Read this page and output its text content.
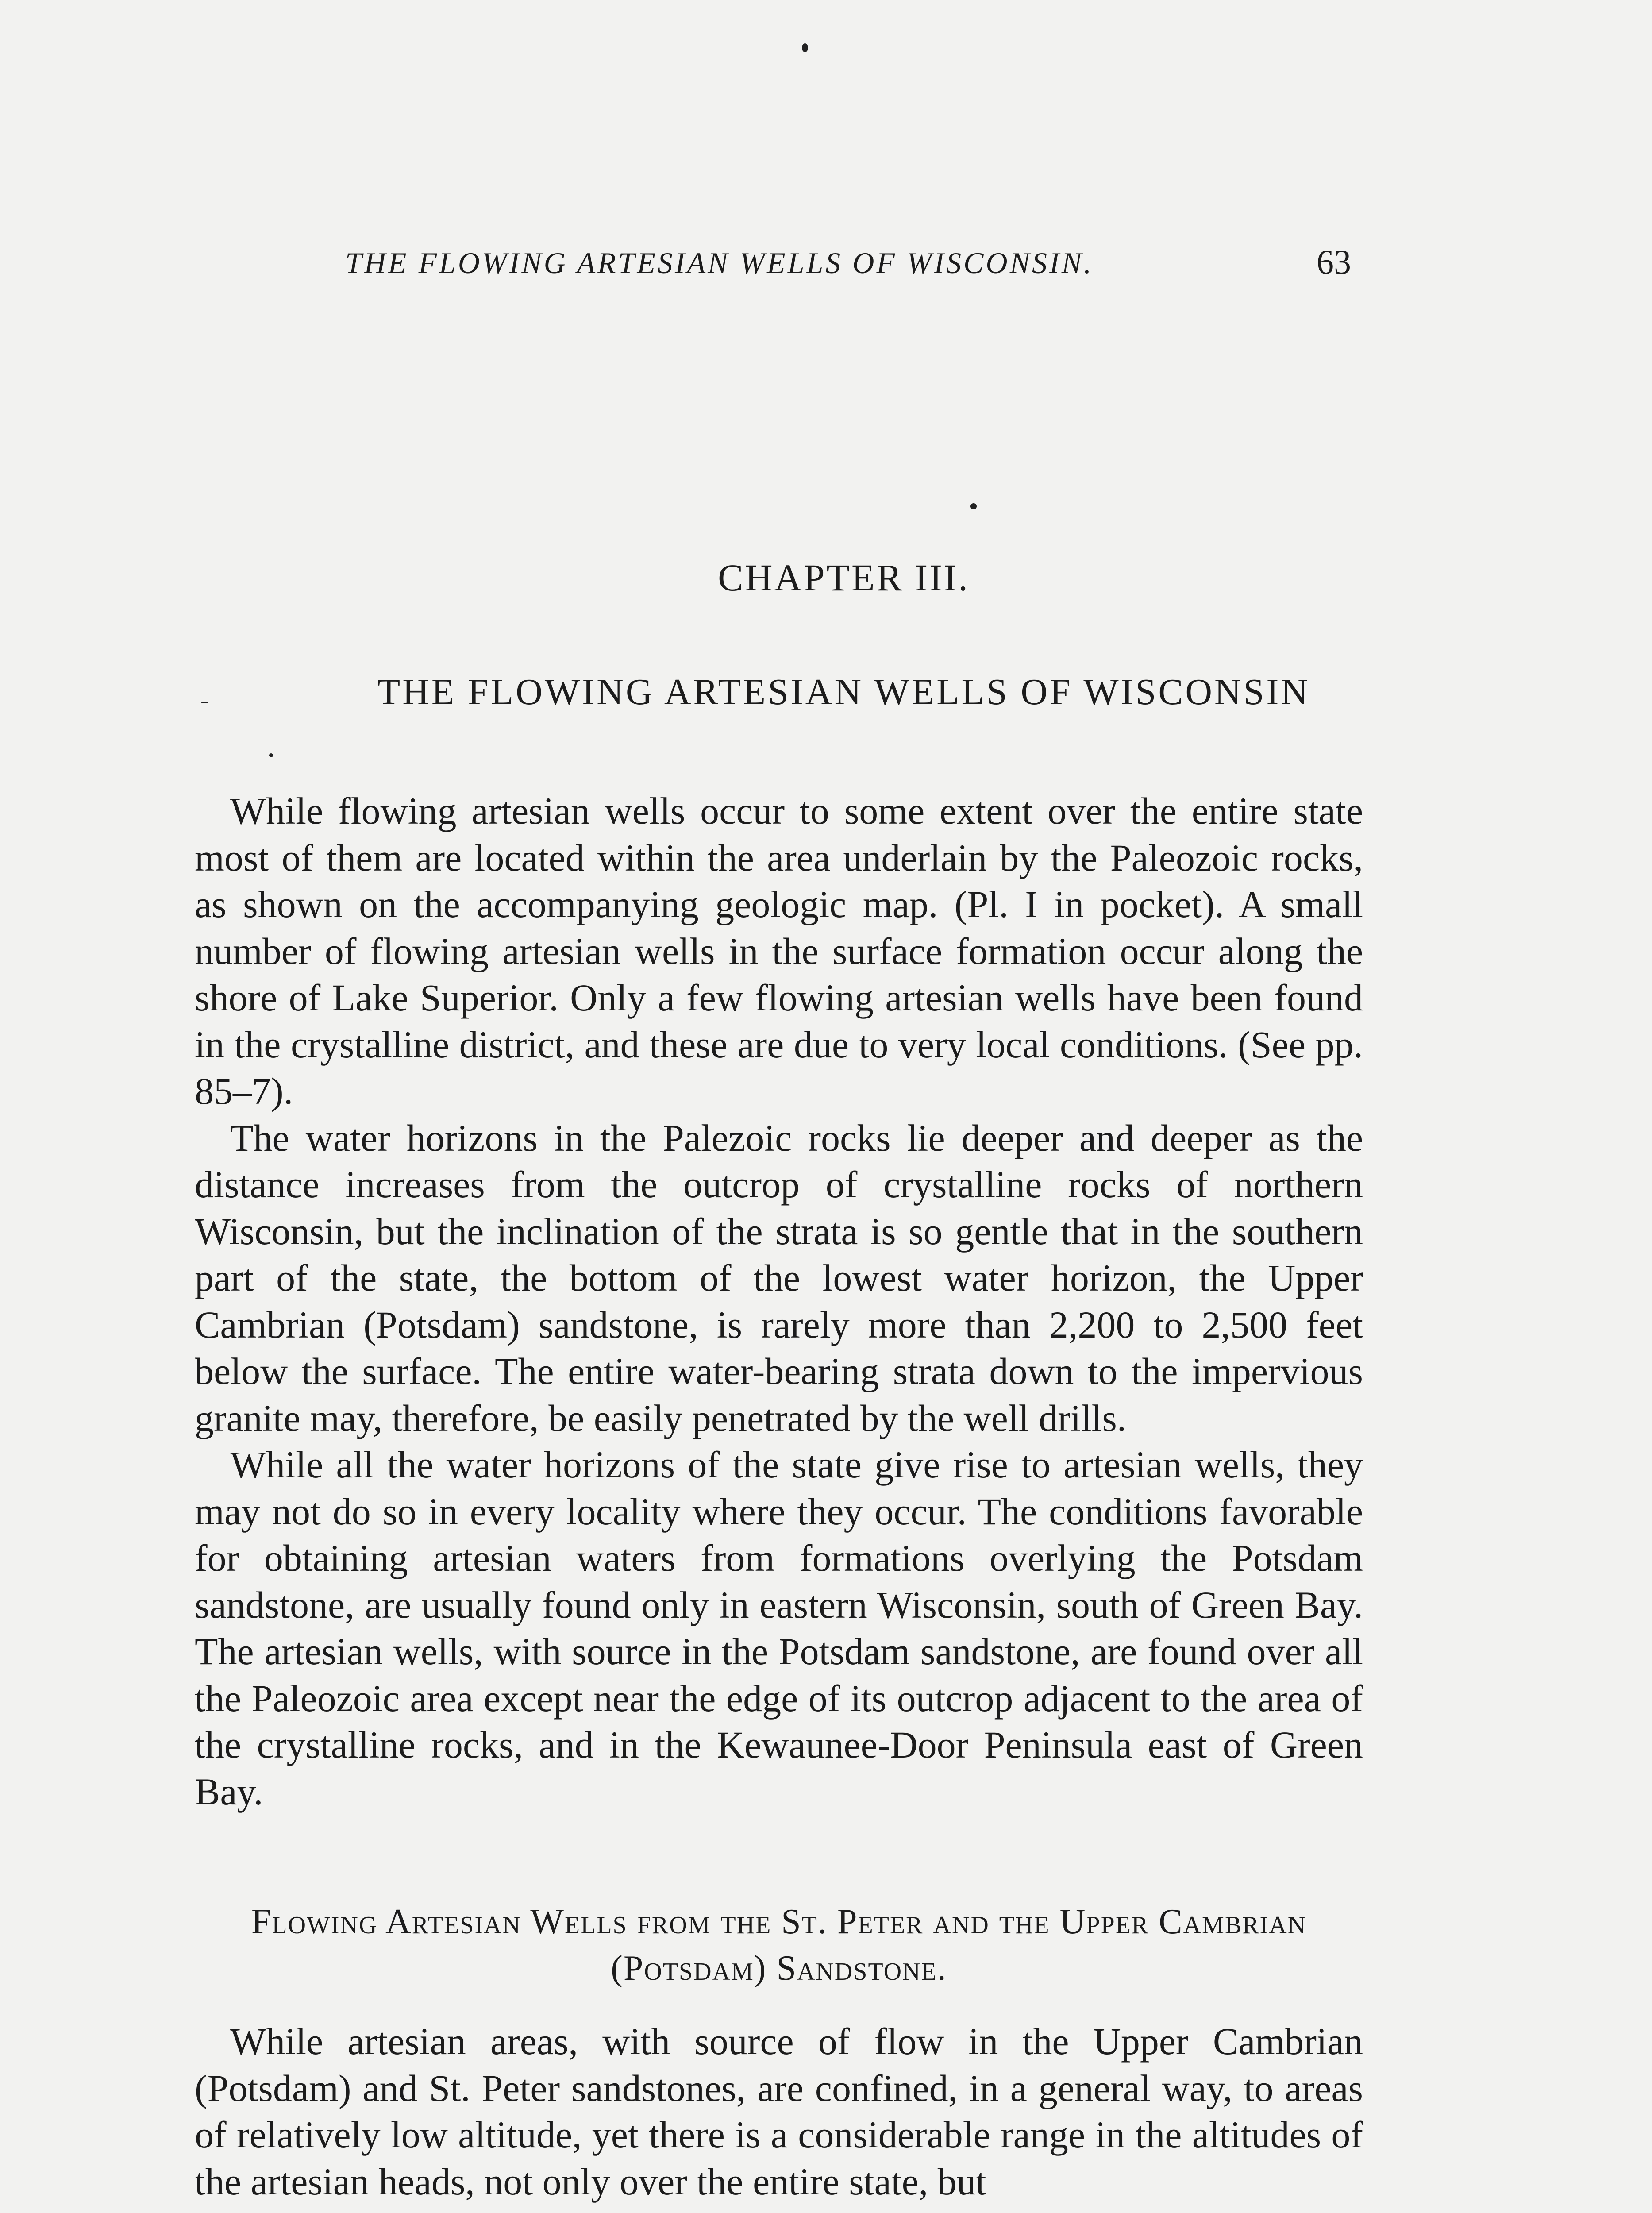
THE FLOWING ARTESIAN WELLS OF WISCONSIN.	63
CHAPTER III.
THE FLOWING ARTESIAN WELLS OF WISCONSIN

While flowing artesian wells occur to some extent over the entire state most of them are located within the area underlain by the Paleozoic rocks, as shown on the accompanying geologic map. (Pl. I in pocket). A small number of flowing artesian wells in the surface formation occur along the shore of Lake Superior. Only a few flowing artesian wells have been found in the crystalline district, and these are due to very local conditions. (See pp. 85–7).

The water horizons in the Palezoic rocks lie deeper and deeper as the distance increases from the outcrop of crystalline rocks of northern Wisconsin, but the inclination of the strata is so gentle that in the southern part of the state, the bottom of the lowest water horizon, the Upper Cambrian (Potsdam) sandstone, is rarely more than 2,200 to 2,500 feet below the surface. The entire water-bearing strata down to the impervious granite may, therefore, be easily penetrated by the well drills.

While all the water horizons of the state give rise to artesian wells, they may not do so in every locality where they occur. The conditions favorable for obtaining artesian waters from formations overlying the Potsdam sandstone, are usually found only in eastern Wisconsin, south of Green Bay. The artesian wells, with source in the Potsdam sandstone, are found over all the Paleozoic area except near the edge of its outcrop adjacent to the area of the crystalline rocks, and in the Kewaunee-Door Peninsula east of Green Bay.

Flowing Artesian Wells from the St. Peter and the Upper Cambrian (Potsdam) Sandstone.

While artesian areas, with source of flow in the Upper Cambrian (Potsdam) and St. Peter sandstones, are confined, in a general way, to areas of relatively low altitude, yet there is a considerable range in the altitudes of the artesian heads, not only over the entire state, but
